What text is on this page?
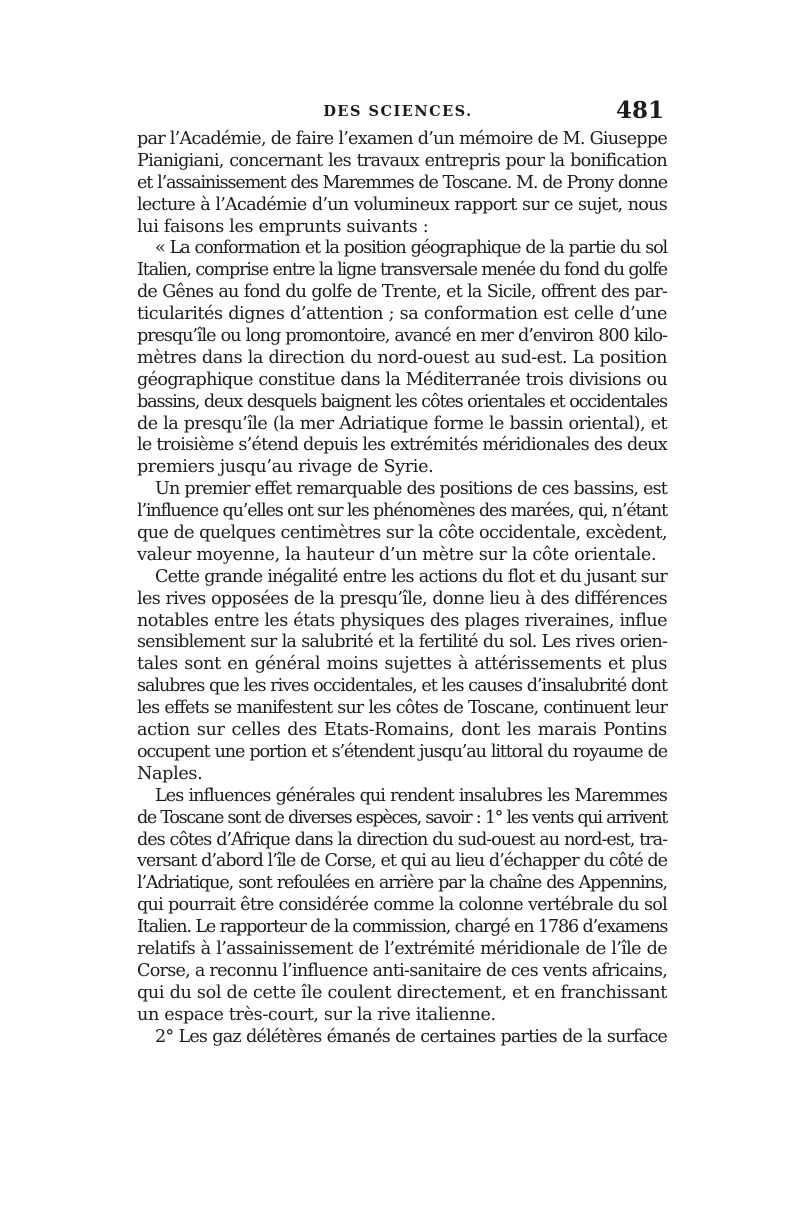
DES SCIENCES.	481
par l’Académie, de faire l’examen d’un mémoire de M. Giuseppe
Pianigiani, concernant les travaux entrepris pour la bonification
et l’assainissement des Maremmes de Toscane. M. de Prony donne
lecture à l’Académie d’un volumineux rapport sur ce sujet, nous
lui faisons les emprunts suivants :
« La conformation et la position géographique de la partie du sol
Italien, comprise entre la ligne transversale menée du fond du golfe
de Gênes au fond du golfe de Trente, et la Sicile, offrent des par-
ticularités dignes d’attention ; sa conformation est celle d’une
presqu’île ou long promontoire, avancé en mer d’environ 800 kilo-
mètres dans la direction du nord-ouest au sud-est. La position
géographique constitue dans la Méditerranée trois divisions ou
bassins, deux desquels baignent les côtes orientales et occidentales
de la presqu’île (la mer Adriatique forme le bassin oriental), et
le troisième s’étend depuis les extrémités méridionales des deux
premiers jusqu’au rivage de Syrie.
Un premier effet remarquable des positions de ces bassins, est
l’influence qu’elles ont sur les phénomènes des marées, qui, n’étant
que de quelques centimètres sur la côte occidentale, excèdent,
valeur moyenne, la hauteur d’un mètre sur la côte orientale.
Cette grande inégalité entre les actions du flot et du jusant sur
les rives opposées de la presqu’île, donne lieu à des différences
notables entre les états physiques des plages riveraines, influe
sensiblement sur la salubrité et la fertilité du sol. Les rives orien-
tales sont en général moins sujettes à attérissements et plus
salubres que les rives occidentales, et les causes d’insalubrité dont
les effets se manifestent sur les côtes de Toscane, continuent leur
action sur celles des Etats-Romains, dont les marais Pontins
occupent une portion et s’étendent jusqu’au littoral du royaume de
Naples.
Les influences générales qui rendent insalubres les Maremmes
de Toscane sont de diverses espèces, savoir : 1° les vents qui arrivent
des côtes d’Afrique dans la direction du sud-ouest au nord-est, tra-
versant d’abord l’île de Corse, et qui au lieu d’échapper du côté de
l’Adriatique, sont refoulées en arrière par la chaîne des Appennins,
qui pourrait être considérée comme la colonne vertébrale du sol
Italien. Le rapporteur de la commission, chargé en 1786 d’examens
relatifs à l’assainissement de l’extrémité méridionale de l’île de
Corse, a reconnu l’influence anti-sanitaire de ces vents africains,
qui du sol de cette île coulent directement, et en franchissant
un espace très-court, sur la rive italienne.
2° Les gaz délétères émanés de certaines parties de la surface
